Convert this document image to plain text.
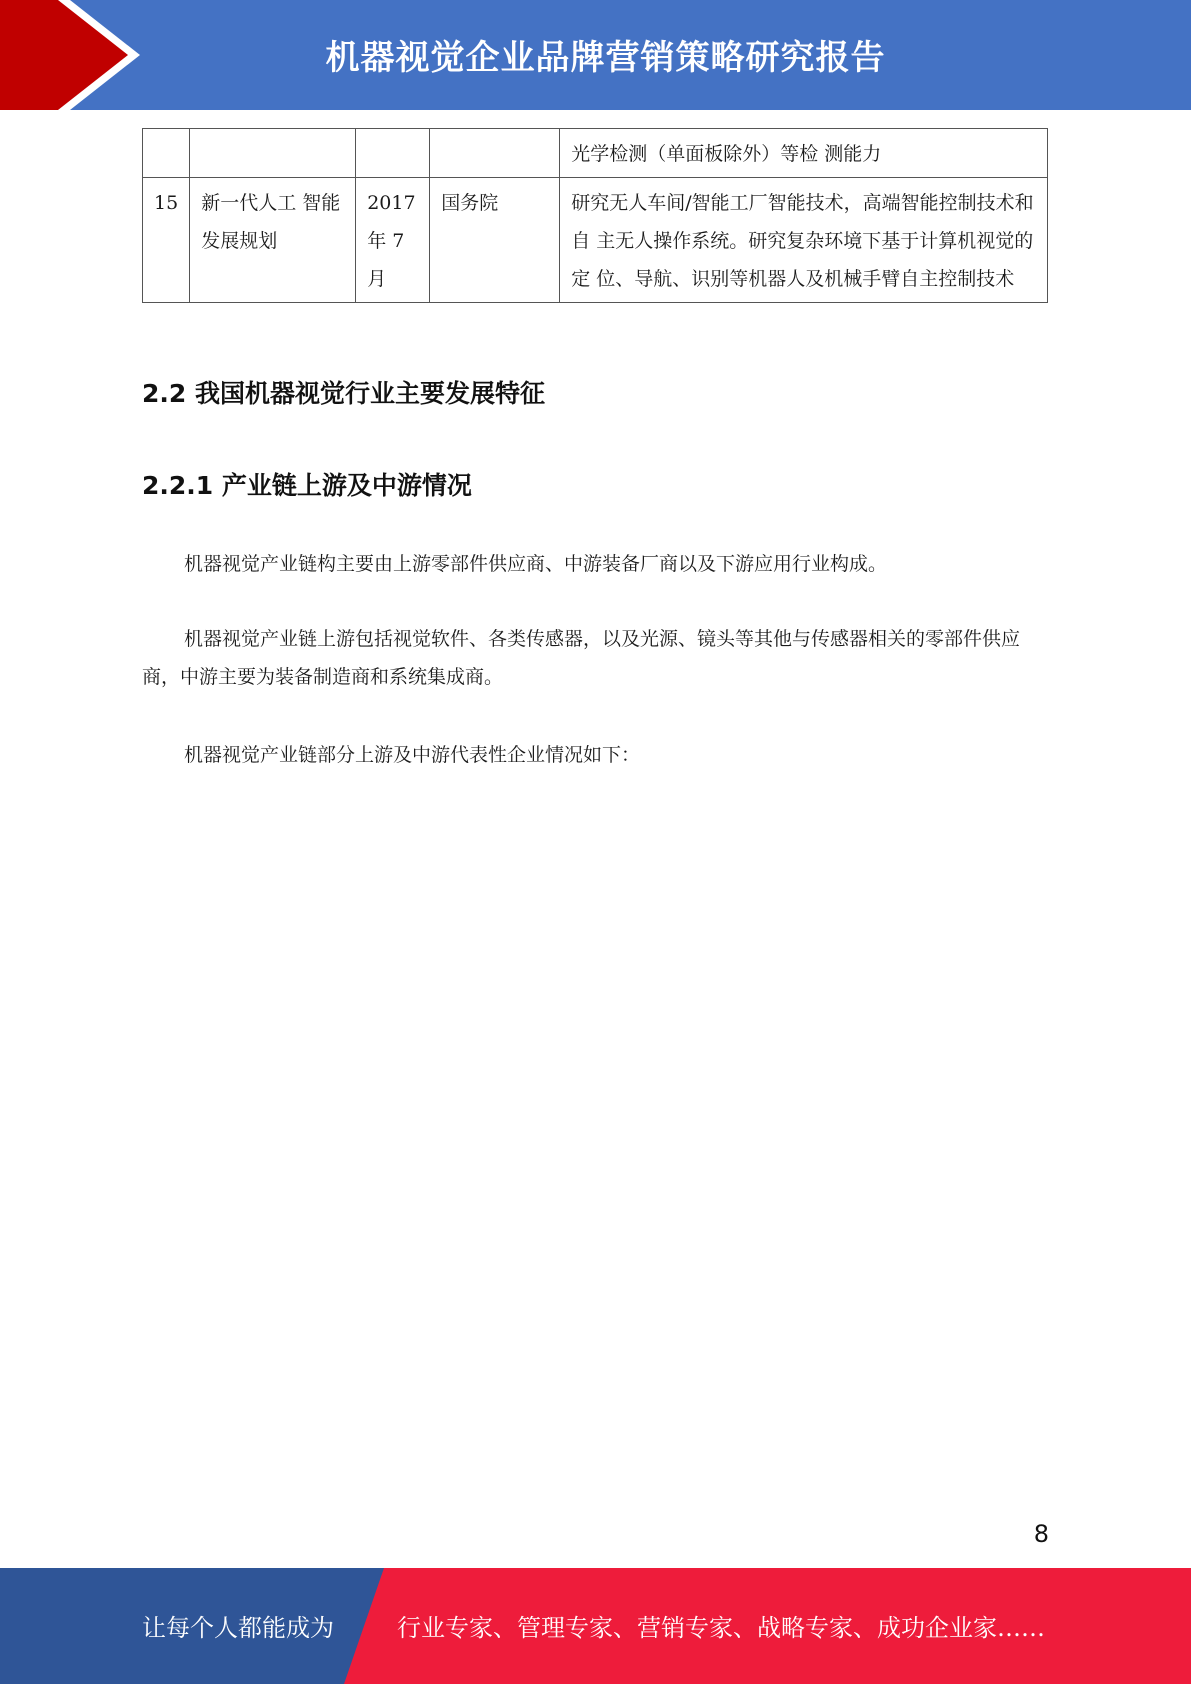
机器视觉企业品牌营销策略研究报告
				光学检测（单面板除外）等检 测能力
15	新一代人工 智能发展规划	2017 年 7 月	国务院	研究无人车间/智能工厂智能技术，高端智能控制技术和自 主无人操作系统。研究复杂环境下基于计算机视觉的定 位、导航、识别等机器人及机械手臂自主控制技术
2.2 我国机器视觉行业主要发展特征
2.2.1 产业链上游及中游情况

机器视觉产业链构主要由上游零部件供应商、中游装备厂商以及下游应用行业构成。

机器视觉产业链上游包括视觉软件、各类传感器，以及光源、镜头等其他与传感器相关的零部件供应商，中游主要为装备制造商和系统集成商。

机器视觉产业链部分上游及中游代表性企业情况如下：

8
让每个人都能成为	行业专家、管理专家、营销专家、战略专家、成功企业家……
